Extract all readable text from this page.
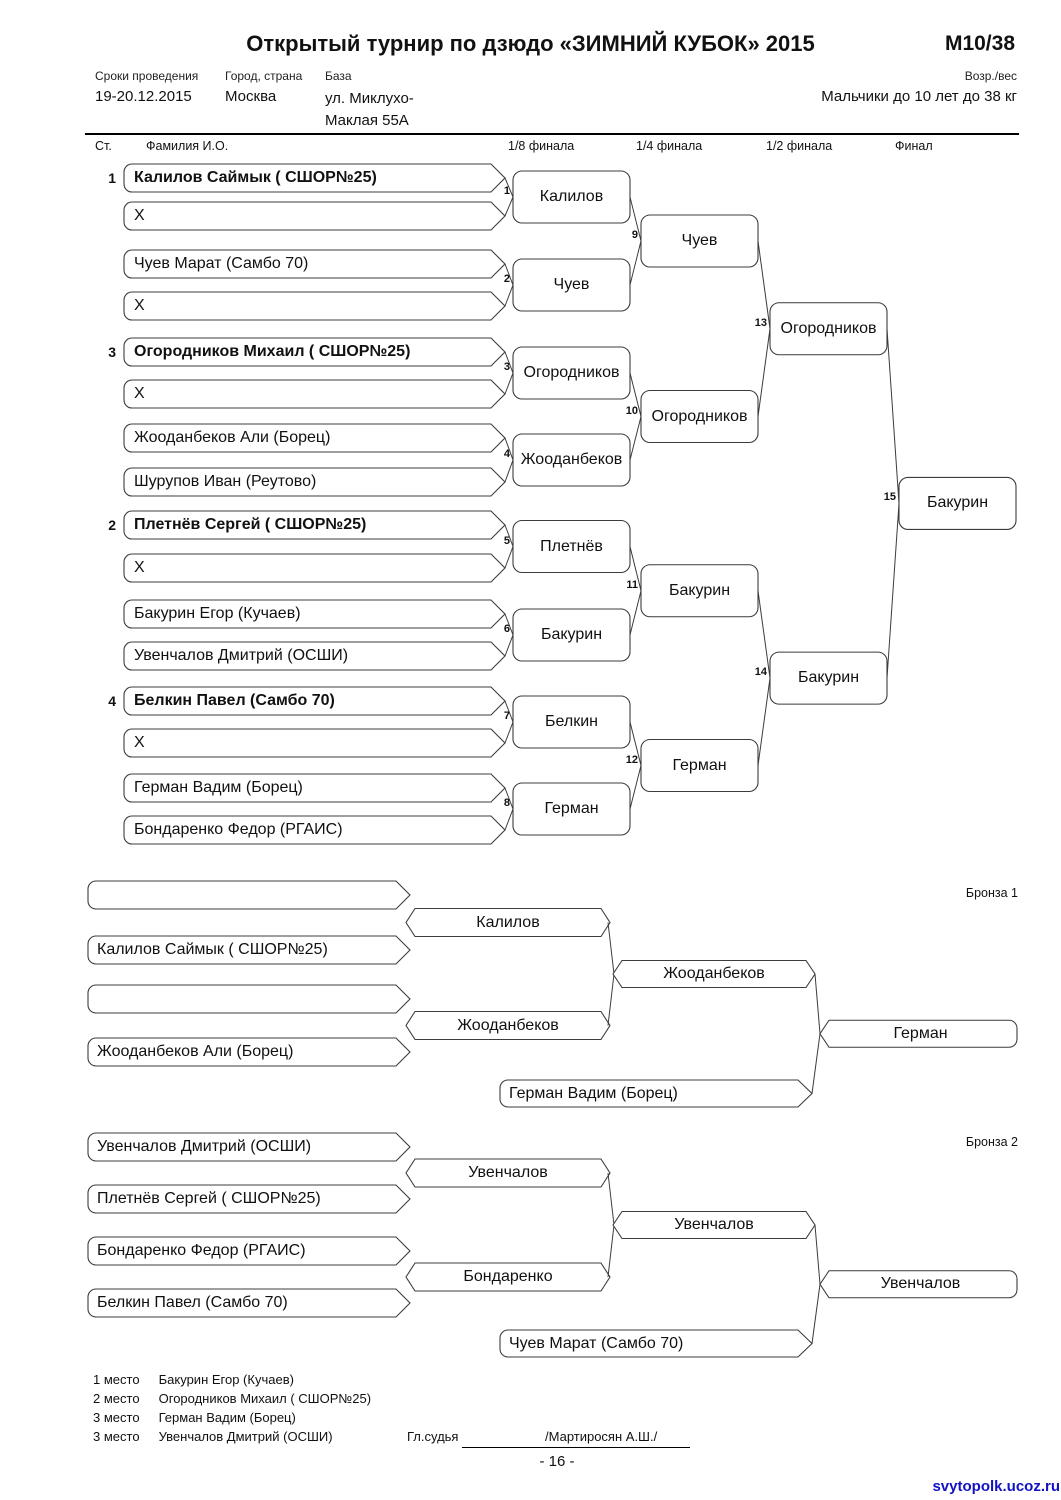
Открытый турнир по дзюдо «ЗИМНИЙ КУБОК» 2015	М10/38
Сроки проведения Город, страна База	Возр./вес
19-20.12.2015 Москва	ул. Миклухо-Маклая 55А
Мальчики до 10 лет до 38 кг
Ст.	Фамилия И.О.	1/8 финала	1/4 финала	1/2 финала	Финал
Бронза 1
Бронза 2
Калилов Саймык ( СШОР№25)
1
Х
Чуев Марат (Самбо 70)
Х
Огородников Михаил ( СШОР№25)
3
Х
Жооданбеков Али (Борец)
Шурупов Иван (Реутово)
Плетнёв Сергей ( СШОР№25)
2
Х
Бакурин Егор (Кучаев)
Увенчалов Дмитрий (ОСШИ)
Белкин Павел (Самбо 70)
4
Х
Герман Вадим (Борец)
Бондаренко Федор (РГАИС)
Калилов
1
Чуев
2
Огородников
3
Жооданбеков
4
Плетнёв
5
Бакурин
6
Белкин
7
Герман
8
Чуев
9
Огородников
10
Бакурин
11
Герман
12
Огородников
13
Бакурин
14
Бакурин
15
Калилов Саймык ( СШОР№25)
Жооданбеков Али (Борец)
Калилов
Жооданбеков
Жооданбеков
Герман Вадим (Борец)
Герман
Увенчалов Дмитрий (ОСШИ)
Плетнёв Сергей ( СШОР№25)
Бондаренко Федор (РГАИС)
Белкин Павел (Самбо 70)
Увенчалов
Бондаренко
Увенчалов
Чуев Марат (Самбо 70)
Увенчалов
1 место Бакурин Егор (Кучаев)
2 место Огородников Михаил ( СШОР№25)
3 место Герман Вадим (Борец)
3 место Увенчалов Дмитрий (ОСШИ)	Гл.судья	/Мартиросян А.Ш./
- 16 -
svytopolk.ucoz.ru
